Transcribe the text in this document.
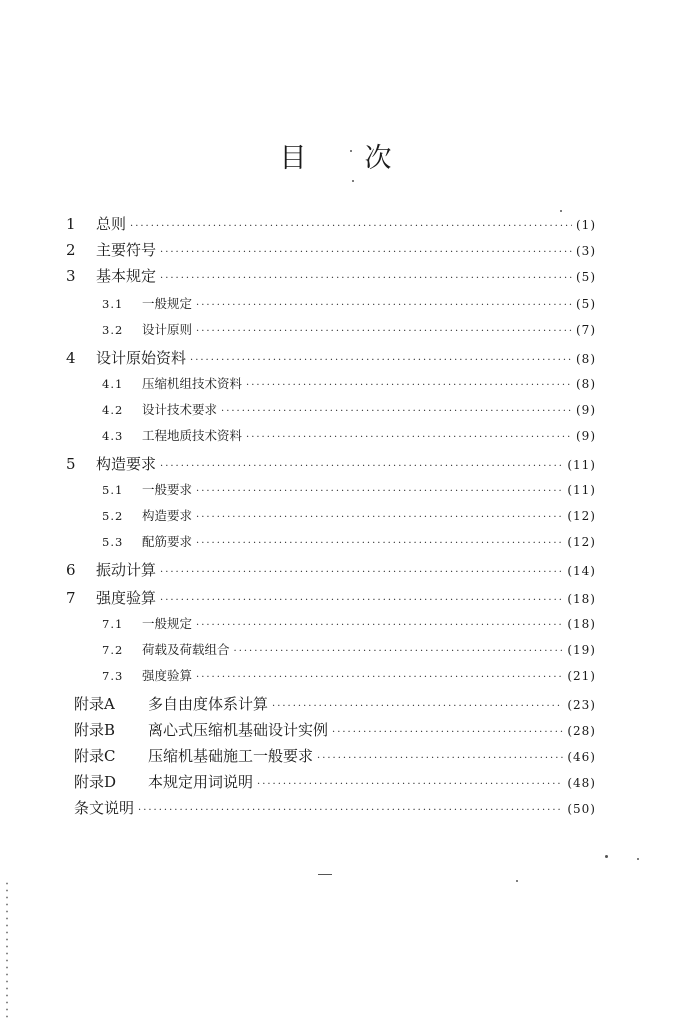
目 次
1	总则 ·····	(1)
2	主要符号 ·····	(3)
3	基本规定 ·····	(5)
3.1	一般规定 ·····	(5)
3.2	设计原则 ·····	(7)
4	设计原始资料 ·····	(8)
4.1	压缩机组技术资料 ·····	(8)
4.2	设计技术要求 ·····	(9)
4.3	工程地质技术资料 ·····	(9)
5	构造要求 ·····	(11)
5.1	一般要求 ·····	(11)
5.2	构造要求 ·····	(12)
5.3	配筋要求 ·····	(12)
6	振动计算 ·····	(14)
7	强度验算 ·····	(18)
7.1	一般规定 ·····	(18)
7.2	荷载及荷载组合 ·····	(19)
7.3	强度验算 ·····	(21)
附录A	多自由度体系计算 ·····	(23)
附录B	离心式压缩机基础设计实例 ·····	(28)
附录C	压缩机基础施工一般要求 ·····	(46)
附录D	本规定用词说明 ·····	(48)
条文说明 ·····	(50)
